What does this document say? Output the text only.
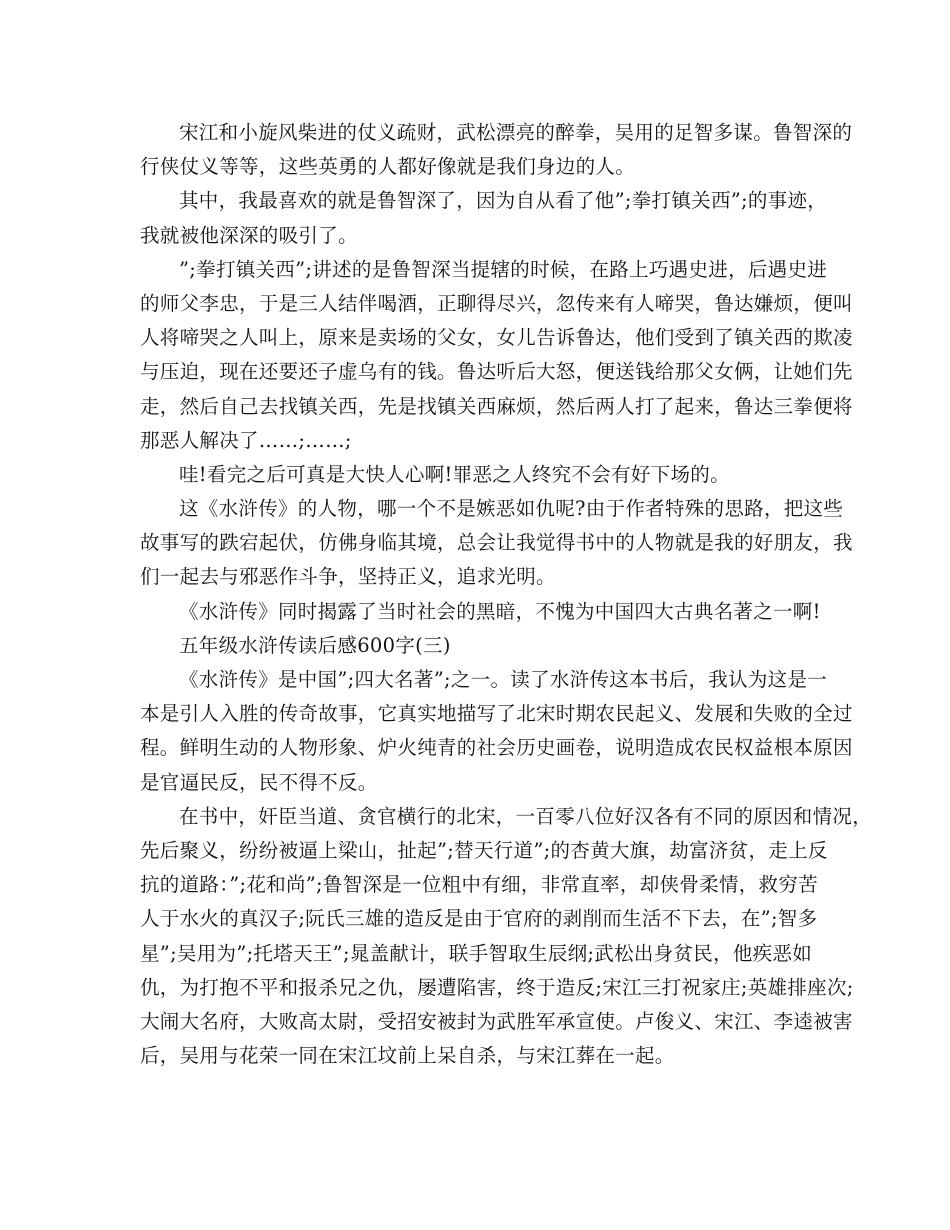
宋江和小旋风柴进的仗义疏财，武松漂亮的醉拳，吴用的足智多谋。鲁智深的
行侠仗义等等，这些英勇的人都好像就是我们身边的人。
其中，我最喜欢的就是鲁智深了，因为自从看了他”;拳打镇关西”;的事迹，
我就被他深深的吸引了。
”;拳打镇关西”;讲述的是鲁智深当提辖的时候，在路上巧遇史进，后遇史进
的师父李忠，于是三人结伴喝酒，正聊得尽兴，忽传来有人啼哭，鲁达嫌烦，便叫
人将啼哭之人叫上，原来是卖场的父女，女儿告诉鲁达，他们受到了镇关西的欺凌
与压迫，现在还要还子虚乌有的钱。鲁达听后大怒，便送钱给那父女俩，让她们先
走，然后自己去找镇关西，先是找镇关西麻烦，然后两人打了起来，鲁达三拳便将
那恶人解决了……;……;
哇!看完之后可真是大快人心啊!罪恶之人终究不会有好下场的。
这《水浒传》的人物，哪一个不是嫉恶如仇呢?由于作者特殊的思路，把这些
故事写的跌宕起伏，仿佛身临其境，总会让我觉得书中的人物就是我的好朋友，我
们一起去与邪恶作斗争，坚持正义，追求光明。
《水浒传》同时揭露了当时社会的黑暗，不愧为中国四大古典名著之一啊!
五年级水浒传读后感600字(三)
《水浒传》是中国”;四大名著”;之一。读了水浒传这本书后，我认为这是一
本是引人入胜的传奇故事，它真实地描写了北宋时期农民起义、发展和失败的全过
程。鲜明生动的人物形象、炉火纯青的社会历史画卷，说明造成农民权益根本原因
是官逼民反，民不得不反。
在书中，奸臣当道、贪官横行的北宋，一百零八位好汉各有不同的原因和情况，
先后聚义，纷纷被逼上梁山，扯起”;替天行道”;的杏黄大旗，劫富济贫，走上反
抗的道路：”;花和尚”;鲁智深是一位粗中有细，非常直率，却侠骨柔情，救穷苦
人于水火的真汉子;阮氏三雄的造反是由于官府的剥削而生活不下去，在”;智多
星”;吴用为”;托塔天王”;晁盖献计，联手智取生辰纲;武松出身贫民，他疾恶如
仇，为打抱不平和报杀兄之仇，屡遭陷害，终于造反;宋江三打祝家庄;英雄排座次;
大闹大名府，大败高太尉，受招安被封为武胜军承宣使。卢俊义、宋江、李逵被害
后，吴用与花荣一同在宋江坟前上呆自杀，与宋江葬在一起。
